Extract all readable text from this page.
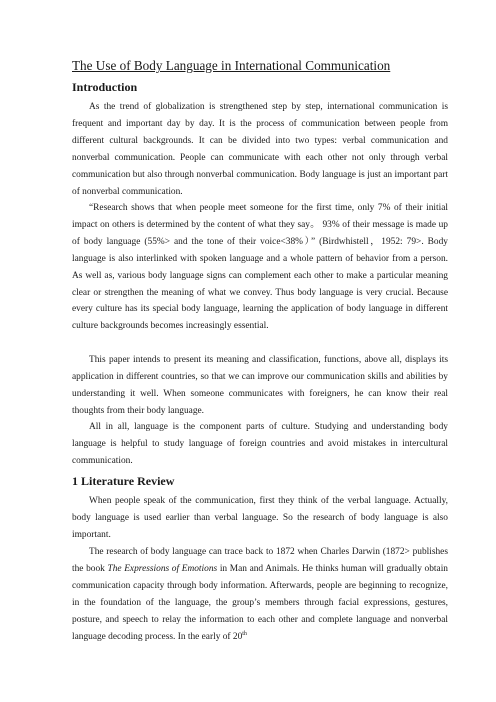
The Use of Body Language in International Communication
Introduction

As the trend of globalization is strengthened step by step, international communication is frequent and important day by day. It is the process of communication between people from different cultural backgrounds. It can be divided into two types: verbal communication and nonverbal communication. People can communicate with each other not only through verbal communication but also through nonverbal communication. Body language is just an important part of nonverbal communication.

“Research shows that when people meet someone for the first time, only 7% of their initial impact on others is determined by the content of what they say。 93% of their message is made up of body language (55%> and the tone of their voice<38%）” (Birdwhistell，1952: 79>. Body language is also interlinked with spoken language and a whole pattern of behavior from a person. As well as, various body language signs can complement each other to make a particular meaning clear or strengthen the meaning of what we convey. Thus body language is very crucial. Because every culture has its special body language, learning the application of body language in different culture backgrounds becomes increasingly essential.

This paper intends to present its meaning and classification, functions, above all, displays its application in different countries, so that we can improve our communication skills and abilities by understanding it well. When someone communicates with foreigners, he can know their real thoughts from their body language.

All in all, language is the component parts of culture. Studying and understanding body language is helpful to study language of foreign countries and avoid mistakes in intercultural communication.

1 Literature Review

When people speak of the communication, first they think of the verbal language. Actually, body language is used earlier than verbal language. So the research of body language is also important.

The research of body language can trace back to 1872 when Charles Darwin (1872> publishes the book The Expressions of Emotions in Man and Animals. He thinks human will gradually obtain communication capacity through body information. Afterwards, people are beginning to recognize, in the foundation of the language, the group’s members through facial expressions, gestures, posture, and speech to relay the information to each other and complete language and nonverbal language decoding process. In the early of 20th
